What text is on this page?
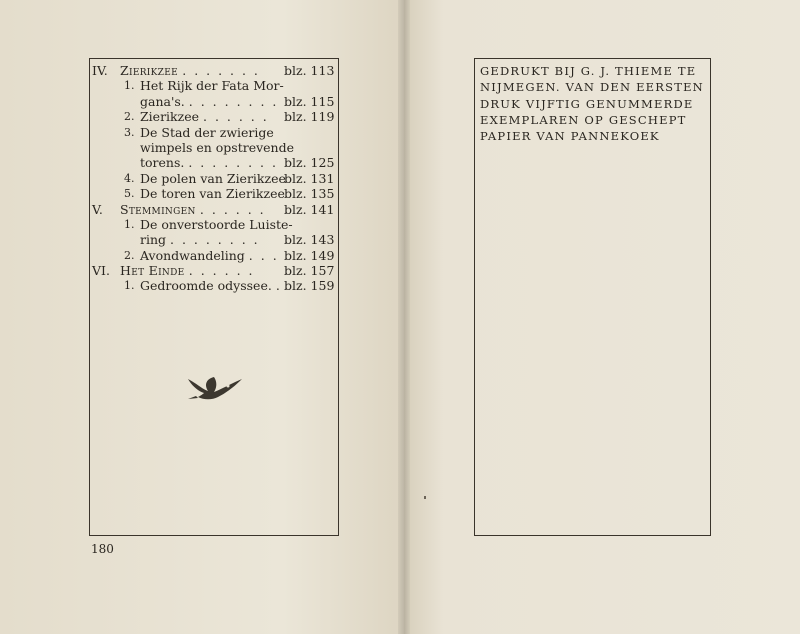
IV. Zierikzee . . . . . . . blz. 113
1. Het Rijk der Fata Mor-
gana's. . . . . . . . . blz. 115
2. Zierikzee . . . . . . blz. 119
3. De Stad der zwierige
wimpels en opstrevende
torens. . . . . . . . . blz. 125
4. De polen van Zierikzee
blz. 131
5. De toren van Zierikzee blz. 135
V. Stemmingen . . . . . . blz. 141
1. De onverstoorde Luiste-
ring . . . . . . . . blz. 143
2. Avondwandeling . . . blz. 149
VI. Het Einde . . . . . . blz. 157
1. Gedroomde odyssee. . blz. 159
180
GEDRUKT BIJ G. J. THIEME TE
NIJMEGEN. VAN DEN EERSTEN
DRUK VIJFTIG GENUMMERDE
EXEMPLAREN OP GESCHEPT
PAPIER VAN PANNEKOEK
